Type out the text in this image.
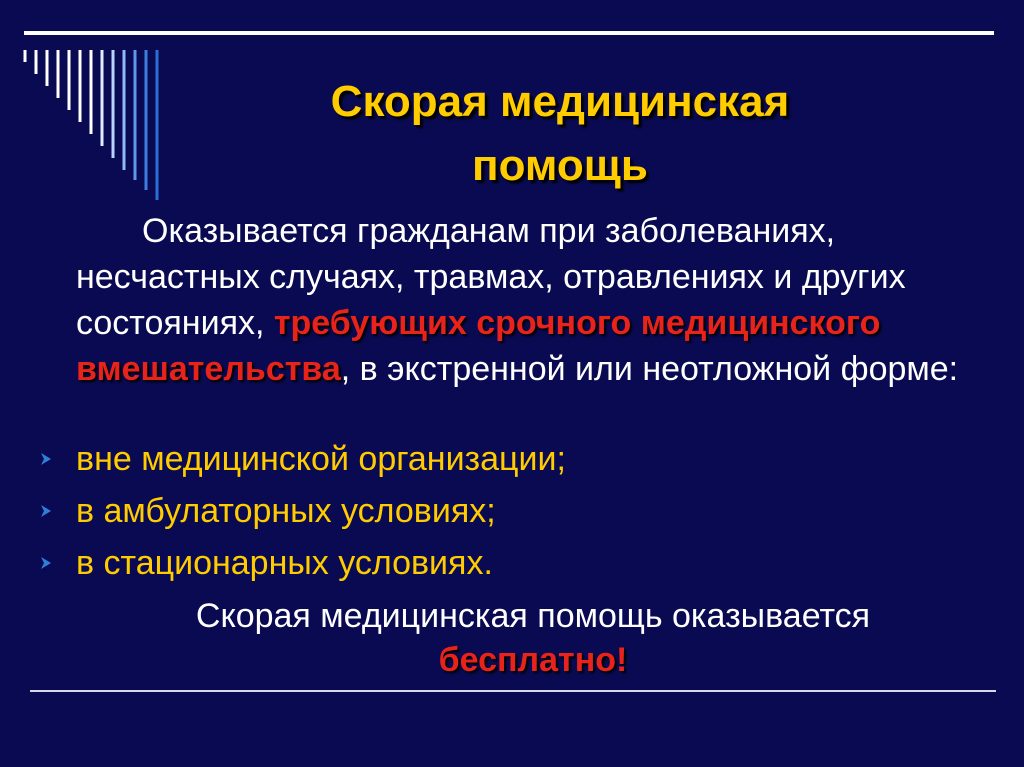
Скорая медицинская
помощь

Оказывается гражданам при заболеваниях, несчастных случаях, травмах, отравлениях и других состояниях, требующих срочного медицинского вмешательства, в экстренной или неотложной форме:

вне медицинской организации;
в амбулаторных условиях;
в стационарных условиях.
Скорая медицинская помощь оказывается
бесплатно!
